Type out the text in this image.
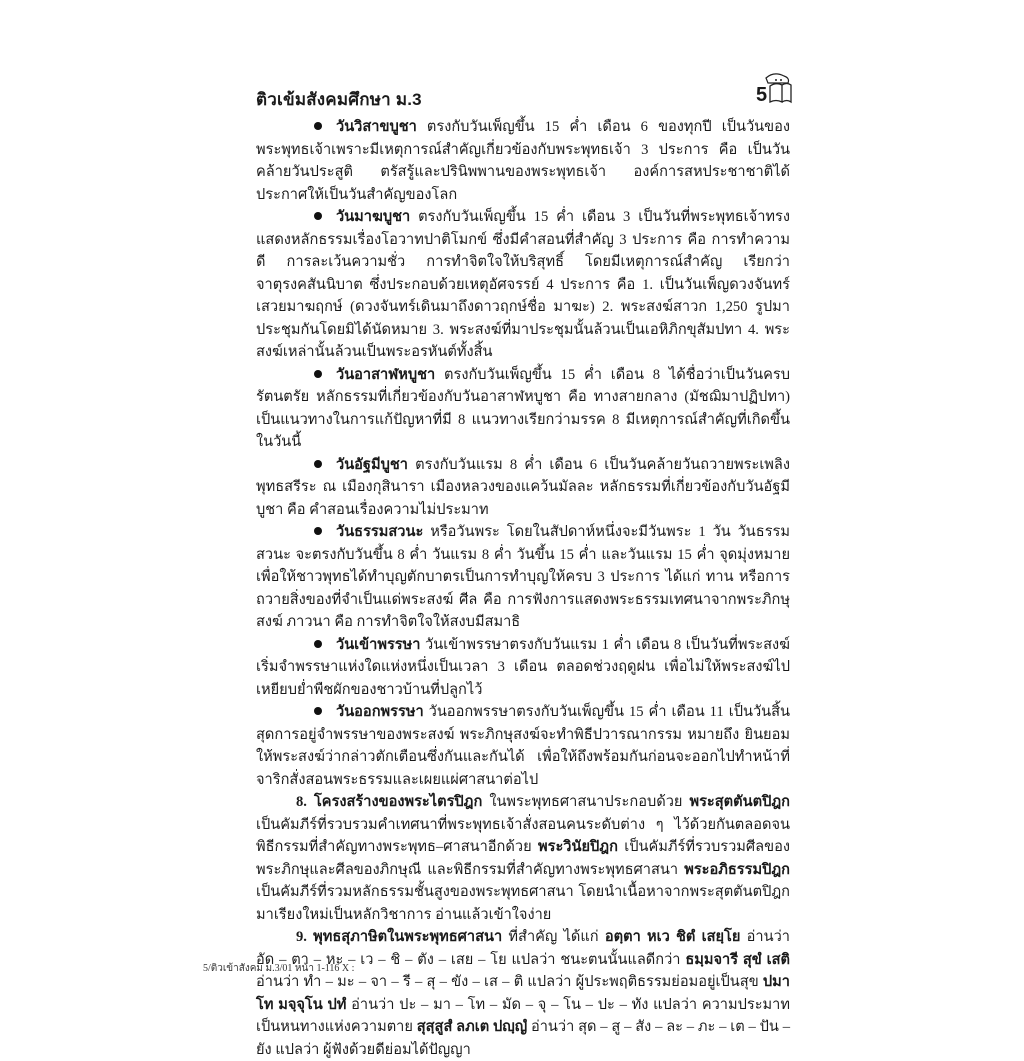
ติวเข้มสังคมศึกษา ม.3	5

วันวิสาขบูชา ตรงกับวันเพ็ญขึ้น 15 ค่ำ เดือน 6 ของทุกปี เป็นวันของพระพุทธเจ้าเพราะมีเหตุการณ์สำคัญเกี่ยวข้องกับพระพุทธเจ้า 3 ประการ คือ เป็นวันคล้ายวันประสูติ ตรัสรู้และปรินิพพานของพระพุทธเจ้า องค์การสหประชาชาติได้ประกาศให้เป็นวันสำคัญของโลก

วันมาฆบูชา ตรงกับวันเพ็ญขึ้น 15 ค่ำ เดือน 3 เป็นวันที่พระพุทธเจ้าทรงแสดงหลักธรรมเรื่องโอวาทปาติโมกข์ ซึ่งมีคำสอนที่สำคัญ 3 ประการ คือ การทำความดี การละเว้นความชั่ว การทำจิตใจให้บริสุทธิ์ โดยมีเหตุการณ์สำคัญ เรียกว่า จาตุรงคสันนิบาต ซึ่งประกอบด้วยเหตุอัศจรรย์ 4 ประการ คือ 1. เป็นวันเพ็ญดวงจันทร์เสวยมาฆฤกษ์ (ดวงจันทร์เดินมาถึงดาวฤกษ์ชื่อ มาฆะ) 2. พระสงฆ์สาวก 1,250 รูปมาประชุมกันโดยมิได้นัดหมาย 3. พระสงฆ์ที่มาประชุมนั้นล้วนเป็นเอหิภิกขุสัมปทา 4. พระสงฆ์เหล่านั้นล้วนเป็นพระอรหันต์ทั้งสิ้น

วันอาสาฬหบูชา ตรงกับวันเพ็ญขึ้น 15 ค่ำ เดือน 8 ได้ชื่อว่าเป็นวันครบรัตนตรัย หลักธรรมที่เกี่ยวข้องกับวันอาสาฬหบูชา คือ ทางสายกลาง (มัชฌิมาปฏิปทา) เป็นแนวทางในการแก้ปัญหาที่มี 8 แนวทางเรียกว่ามรรค 8 มีเหตุการณ์สำคัญที่เกิดขึ้นในวันนี้

วันอัฐมีบูชา ตรงกับวันแรม 8 ค่ำ เดือน 6 เป็นวันคล้ายวันถวายพระเพลิงพุทธสรีระ ณ เมืองกุสินารา เมืองหลวงของแคว้นมัลละ หลักธรรมที่เกี่ยวข้องกับวันอัฐมีบูชา คือ คำสอนเรื่องความไม่ประมาท

วันธรรมสวนะ หรือวันพระ โดยในสัปดาห์หนึ่งจะมีวันพระ 1 วัน วันธรรมสวนะ จะตรงกับวันขึ้น 8 ค่ำ วันแรม 8 ค่ำ วันขึ้น 15 ค่ำ และวันแรม 15 ค่ำ จุดมุ่งหมายเพื่อให้ชาวพุทธได้ทำบุญตักบาตรเป็นการทำบุญให้ครบ 3 ประการ ได้แก่ ทาน หรือการถวายสิ่งของที่จำเป็นแด่พระสงฆ์ ศีล คือ การฟังการแสดงพระธรรมเทศนาจากพระภิกษุสงฆ์ ภาวนา คือ การทำจิตใจให้สงบมีสมาธิ

วันเข้าพรรษา วันเข้าพรรษาตรงกับวันแรม 1 ค่ำ เดือน 8 เป็นวันที่พระสงฆ์เริ่มจำพรรษาแห่งใดแห่งหนึ่งเป็นเวลา 3 เดือน ตลอดช่วงฤดูฝน เพื่อไม่ให้พระสงฆ์ไปเหยียบย่ำพืชผักของชาวบ้านที่ปลูกไว้

วันออกพรรษา วันออกพรรษาตรงกับวันเพ็ญขึ้น 15 ค่ำ เดือน 11 เป็นวันสิ้นสุดการอยู่จำพรรษาของพระสงฆ์ พระภิกษุสงฆ์จะทำพิธีปวารณากรรม หมายถึง ยินยอมให้พระสงฆ์ว่ากล่าวตักเตือนซึ่งกันและกันได้ เพื่อให้ถึงพร้อมกันก่อนจะออกไปทำหน้าที่จาริกสั่งสอนพระธรรมและเผยแผ่ศาสนาต่อไป

8. โครงสร้างของพระไตรปิฎก ในพระพุทธศาสนาประกอบด้วย พระสุตตันตปิฎก เป็นคัมภีร์ที่รวบรวมคำเทศนาที่พระพุทธเจ้าสั่งสอนคนระดับต่าง ๆ ไว้ด้วยกันตลอดจนพิธีกรรมที่สำคัญทางพระพุทธ–ศาสนาอีกด้วย พระวินัยปิฎก เป็นคัมภีร์ที่รวบรวมศีลของพระภิกษุและศีลของภิกษุณี และพิธีกรรมที่สำคัญทางพระพุทธศาสนา พระอภิธรรมปิฎก เป็นคัมภีร์ที่รวมหลักธรรมชั้นสูงของพระพุทธศาสนา โดยนำเนื้อหาจากพระสุตตันตปิฎกมาเรียงใหม่เป็นหลักวิชาการ อ่านแล้วเข้าใจง่าย

9. พุทธสุภาษิตในพระพุทธศาสนา ที่สำคัญ ได้แก่ อตฺตา หเว ชิตํ เสยฺโย อ่านว่า อัด – ตา – หะ – เว – ชิ – ตัง – เสย – โย แปลว่า ชนะตนนั้นแลดีกว่า ธมฺมจารี สุขํ เสติ อ่านว่า ทำ – มะ – จา – รี – สุ – ขัง – เส – ติ แปลว่า ผู้ประพฤติธรรมย่อมอยู่เป็นสุข ปมาโท มจฺจุโน ปทํ อ่านว่า ปะ – มา – โท – มัด – จุ – โน – ปะ – ทัง แปลว่า ความประมาทเป็นหนทางแห่งความตาย สุสฺสูสํ ลภเต ปญฺญํ อ่านว่า สุด – สู – สัง – ละ – ภะ – เต – ปัน – ยัง แปลว่า ผู้ฟังด้วยดีย่อมได้ปัญญา

5/ติวเข้าสังคม ม.3/01 หน้า 1-116 X :
